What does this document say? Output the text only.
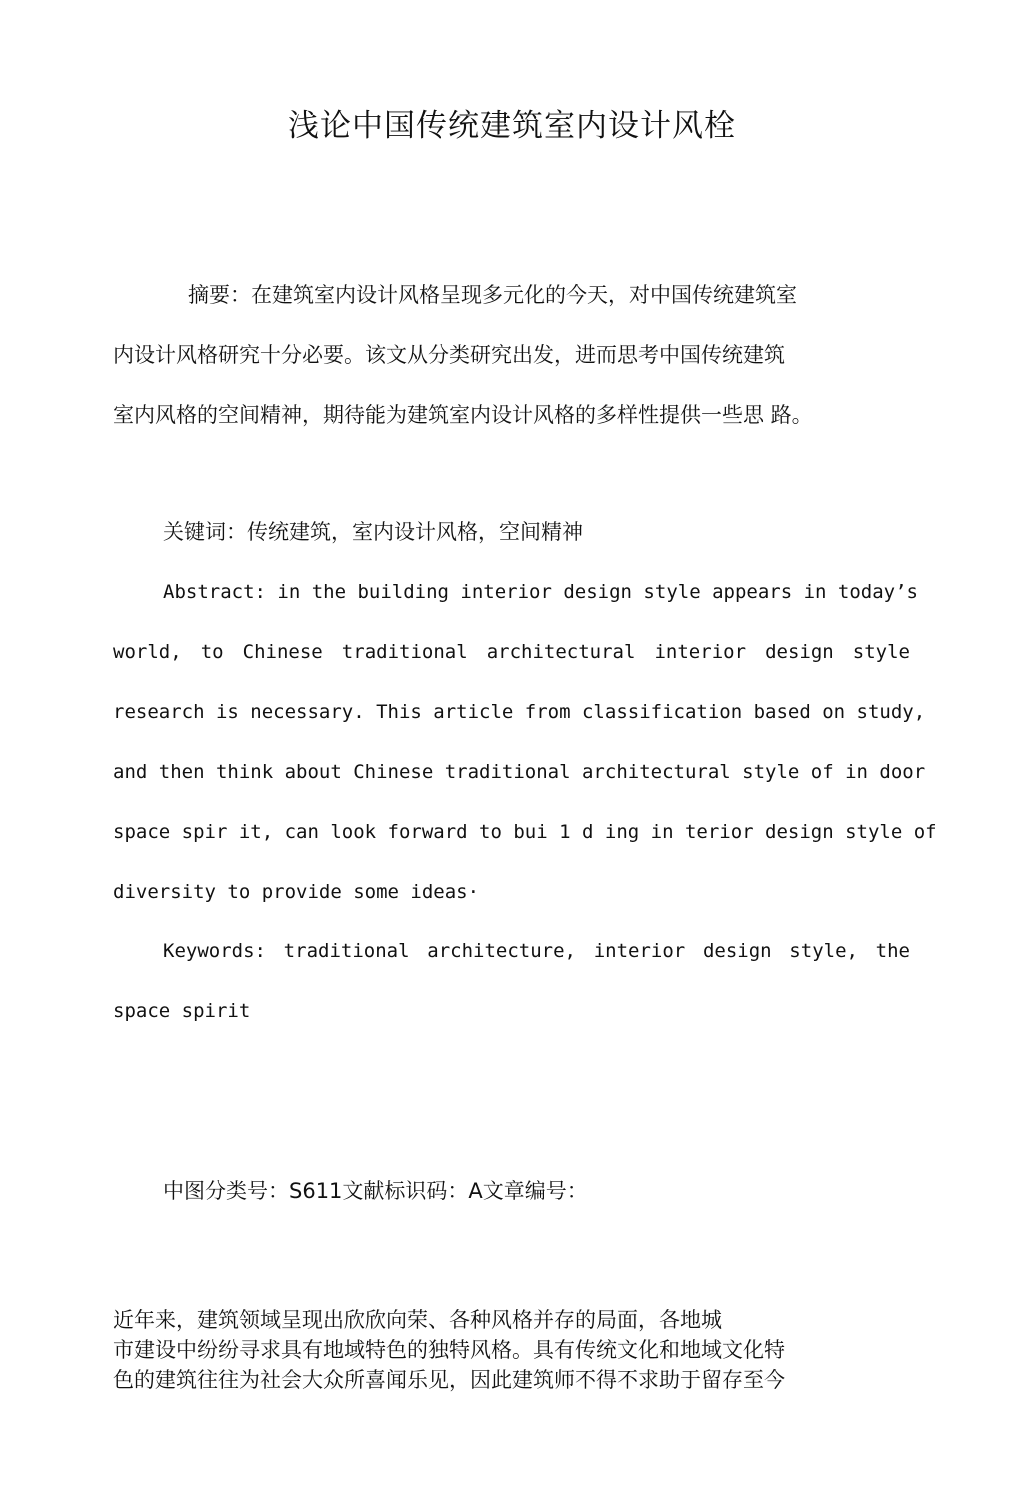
浅论中国传统建筑室内设计风栓
摘要：在建筑室内设计风格呈现多元化的今天，对中国传统建筑室
内设计风格研究十分必要。该文从分类研究出发，进而思考中国传统建筑
室内风格的空间精神，期待能为建筑室内设计风格的多样性提供一些思 路。
关键词：传统建筑，室内设计风格，空间精神
Abstract: in the building interior design style appears in today’s
world, to Chinese traditional architectural interior design style
research is necessary. This article from classification based on study,
and then think about Chinese traditional architectural style of in door
space spir it, can look forward to bui 1 d ing in terior design style of
diversity to provide some ideas·
Keywords: traditional architecture, interior design style, the
space spirit
中图分类号：S611文献标识码：A文章编号：
近年来，建筑领域呈现出欣欣向荣、各种风格并存的局面，各地城
市建设中纷纷寻求具有地域特色的独特风格。具有传统文化和地域文化特
色的建筑往往为社会大众所喜闻乐见，因此建筑师不得不求助于留存至今
